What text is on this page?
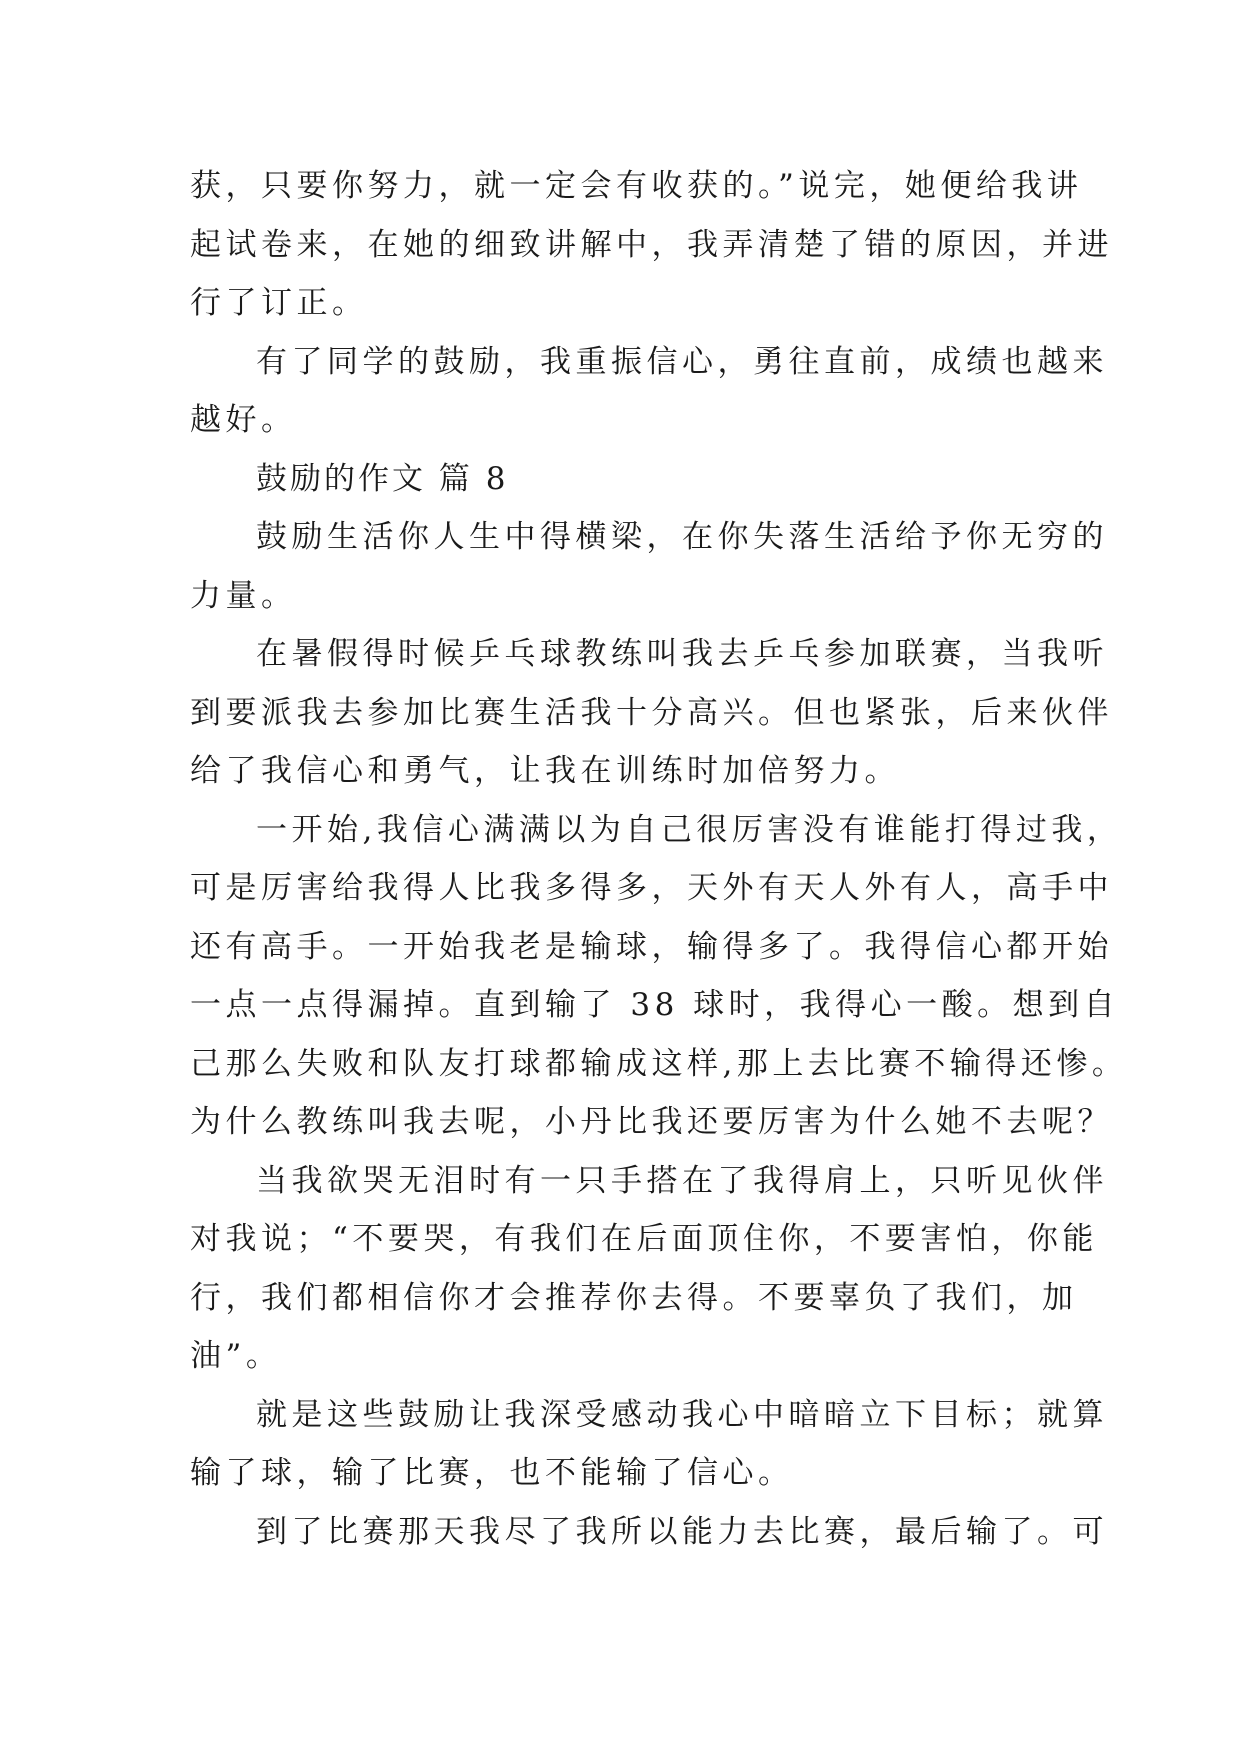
获，只要你努力，就一定会有收获的。”说完，她便给我讲
起试卷来，在她的细致讲解中，我弄清楚了错的原因，并进
行了订正。
有了同学的鼓励，我重振信心，勇往直前，成绩也越来
越好。
鼓励的作文 篇 8
鼓励生活你人生中得横梁，在你失落生活给予你无穷的
力量。
在暑假得时候乒乓球教练叫我去乒乓参加联赛，当我听
到要派我去参加比赛生活我十分高兴。但也紧张，后来伙伴
给了我信心和勇气，让我在训练时加倍努力。
一开始,我信心满满以为自己很厉害没有谁能打得过我，
可是厉害给我得人比我多得多，天外有天人外有人，高手中
还有高手。一开始我老是输球，输得多了。我得信心都开始
一点一点得漏掉。直到输了 38 球时，我得心一酸。想到自
己那么失败和队友打球都输成这样,那上去比赛不输得还惨。
为什么教练叫我去呢，小丹比我还要厉害为什么她不去呢？
当我欲哭无泪时有一只手搭在了我得肩上，只听见伙伴
对我说；“不要哭，有我们在后面顶住你，不要害怕，你能
行，我们都相信你才会推荐你去得。不要辜负了我们，加
油”。
就是这些鼓励让我深受感动我心中暗暗立下目标；就算
输了球，输了比赛，也不能输了信心。
到了比赛那天我尽了我所以能力去比赛，最后输了。可
